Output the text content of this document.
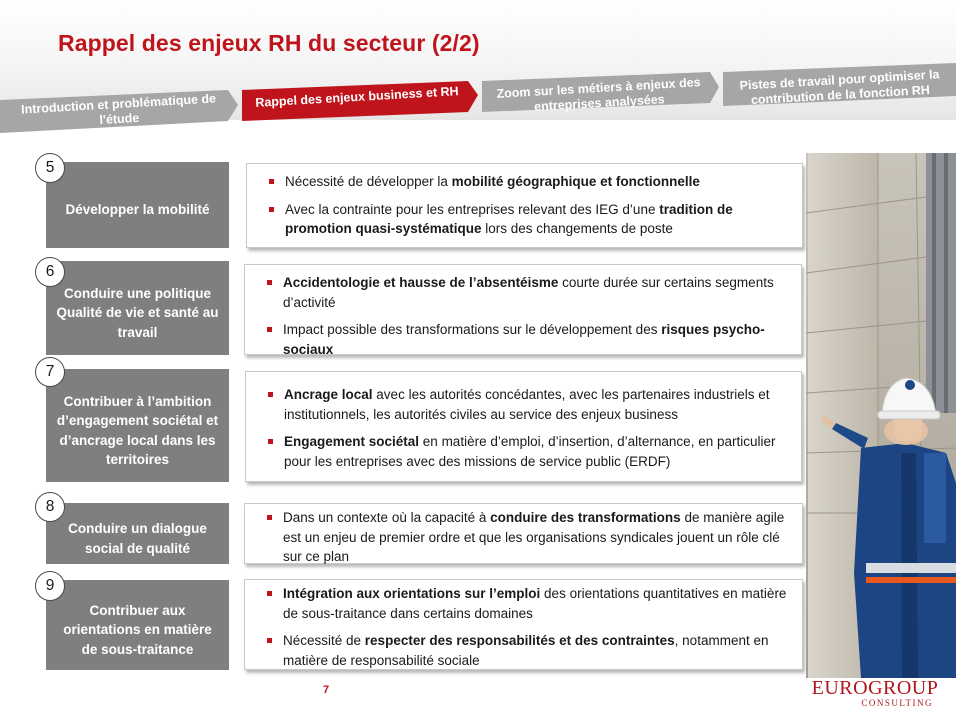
Rappel des enjeux RH du secteur (2/2)
Introduction et problématique de l'étude
Rappel des enjeux business et RH	Zoom sur les métiers à enjeux des entreprises analysées
Pistes de travail pour optimiser la contribution de la fonction RH
Développer la mobilité
5
Nécessité de développer la mobilité géographique et fonctionnelle
Avec la contrainte pour les entreprises relevant des IEG d’une tradition de promotion quasi-systématique lors des changements de poste
Conduire une politique Qualité de vie et santé au travail
6
Accidentologie et hausse de l’absentéisme courte durée sur certains segments d’activité
Impact possible des transformations sur le développement des risques psycho-sociaux
Contribuer à l’ambition d’engagement sociétal et d’ancrage local dans les territoires
7
Ancrage local avec les autorités concédantes, avec les partenaires industriels et institutionnels, les autorités civiles au service des enjeux business
Engagement sociétal en matière d’emploi, d’insertion, d’alternance, en particulier pour les entreprises avec des missions de service public (ERDF)
Conduire un dialogue social de qualité
8
Dans un contexte où la capacité à conduire des transformations de manière agile est un enjeu de premier ordre et que les organisations syndicales jouent un rôle clé sur ce plan
Contribuer aux orientations en matière de sous-traitance
9	Intégration aux orientations sur l’emploi des orientations quantitatives en matière de sous-traitance dans certains domaines
Nécessité de respecter des responsabilités et des contraintes, notamment en matière de responsabilité sociale
7	EUROGROUP
CONSULTING
